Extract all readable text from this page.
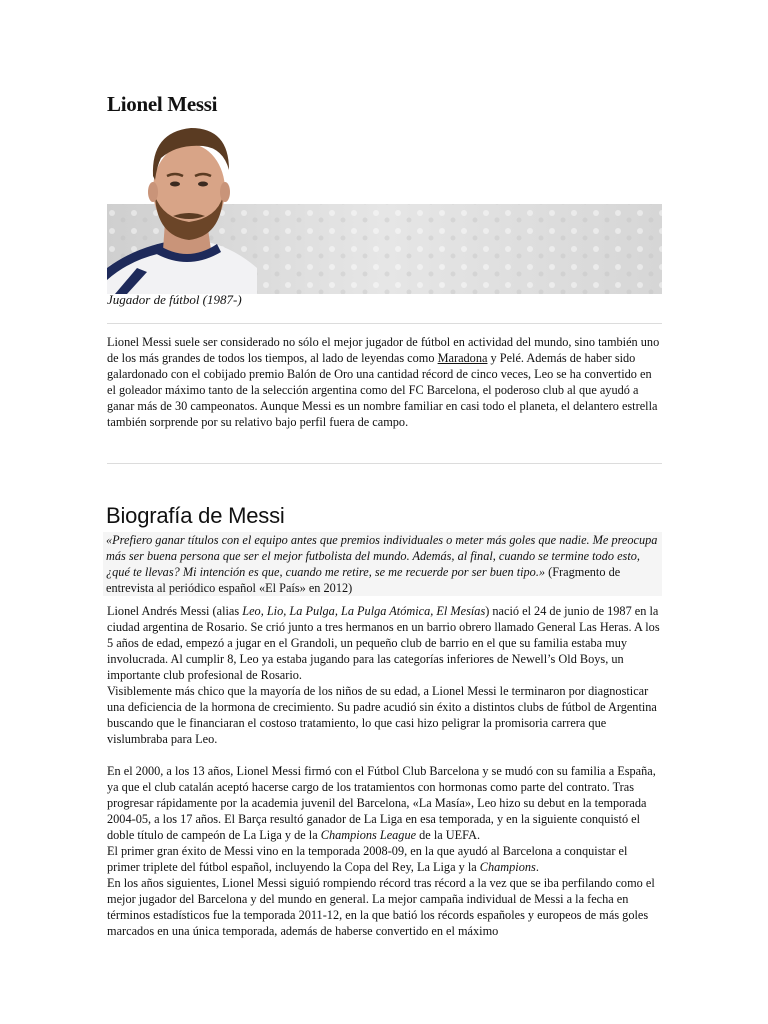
Lionel Messi

Jugador de fútbol (1987-)

Lionel Messi suele ser considerado no sólo el mejor jugador de fútbol en actividad del mundo, sino también uno de los más grandes de todos los tiempos, al lado de leyendas como Maradona y Pelé. Además de haber sido galardonado con el cobijado premio Balón de Oro una cantidad récord de cinco veces, Leo se ha convertido en el goleador máximo tanto de la selección argentina como del FC Barcelona, el poderoso club al que ayudó a ganar más de 30 campeonatos. Aunque Messi es un nombre familiar en casi todo el planeta, el delantero estrella también sorprende por su relativo bajo perfil fuera de campo.

Biografía de Messi

«Prefiero ganar títulos con el equipo antes que premios individuales o meter más goles que nadie. Me preocupa más ser buena persona que ser el mejor futbolista del mundo. Además, al final, cuando se termine todo esto, ¿qué te llevas? Mi intención es que, cuando me retire, se me recuerde por ser buen tipo.» (Fragmento de entrevista al periódico español «El País» en 2012)

Lionel Andrés Messi (alias Leo, Lio, La Pulga, La Pulga Atómica, El Mesías) nació el 24 de junio de 1987 en la ciudad argentina de Rosario. Se crió junto a tres hermanos en un barrio obrero llamado General Las Heras. A los 5 años de edad, empezó a jugar en el Grandoli, un pequeño club de barrio en el que su familia estaba muy involucrada. Al cumplir 8, Leo ya estaba jugando para las categorías inferiores de Newell’s Old Boys, un importante club profesional de Rosario.

Visiblemente más chico que la mayoría de los niños de su edad, a Lionel Messi le terminaron por diagnosticar una deficiencia de la hormona de crecimiento. Su padre acudió sin éxito a distintos clubs de fútbol de Argentina buscando que le financiaran el costoso tratamiento, lo que casi hizo peligrar la promisoria carrera que vislumbraba para Leo.

En el 2000, a los 13 años, Lionel Messi firmó con el Fútbol Club Barcelona y se mudó con su familia a España, ya que el club catalán aceptó hacerse cargo de los tratamientos con hormonas como parte del contrato. Tras progresar rápidamente por la academia juvenil del Barcelona, «La Masía», Leo hizo su debut en la temporada 2004-05, a los 17 años. El Barça resultó ganador de La Liga en esa temporada, y en la siguiente conquistó el doble título de campeón de La Liga y de la Champions League de la UEFA.

El primer gran éxito de Messi vino en la temporada 2008-09, en la que ayudó al Barcelona a conquistar el primer triplete del fútbol español, incluyendo la Copa del Rey, La Liga y la Champions.

En los años siguientes, Lionel Messi siguió rompiendo récord tras récord a la vez que se iba perfilando como el mejor jugador del Barcelona y del mundo en general. La mejor campaña individual de Messi a la fecha en términos estadísticos fue la temporada 2011-12, en la que batió los récords españoles y europeos de más goles marcados en una única temporada, además de haberse convertido en el máximo
